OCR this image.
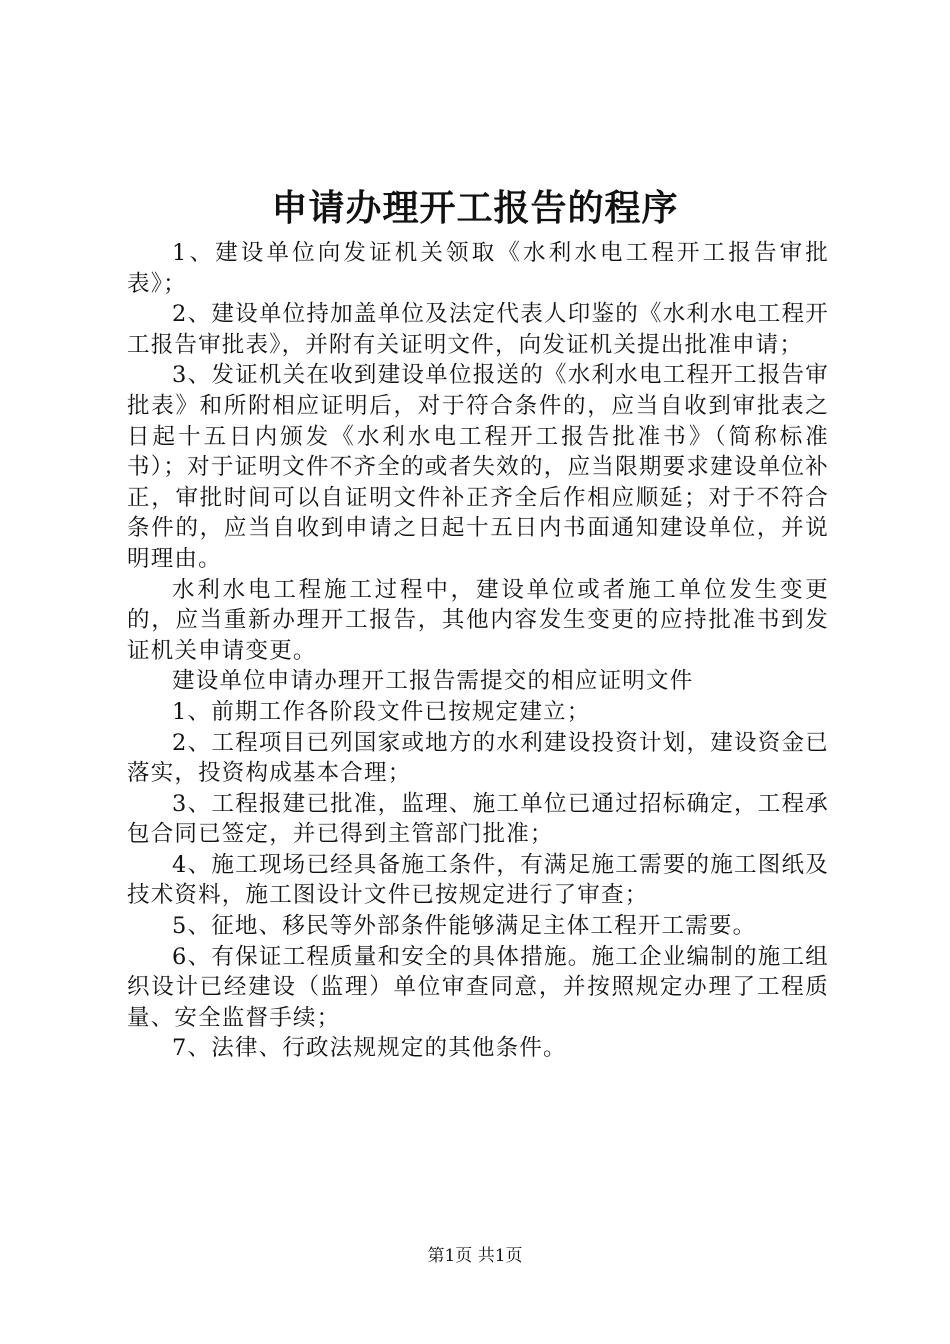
申请办理开工报告的程序

1、建设单位向发证机关领取《水利水电工程开工报告审批表》；

2、建设单位持加盖单位及法定代表人印鉴的《水利水电工程开工报告审批表》，并附有关证明文件，向发证机关提出批准申请；

3、发证机关在收到建设单位报送的《水利水电工程开工报告审批表》和所附相应证明后，对于符合条件的，应当自收到审批表之日起十五日内颁发《水利水电工程开工报告批准书》（简称标准书）；对于证明文件不齐全的或者失效的，应当限期要求建设单位补正，审批时间可以自证明文件补正齐全后作相应顺延；对于不符合条件的，应当自收到申请之日起十五日内书面通知建设单位，并说明理由。

水利水电工程施工过程中，建设单位或者施工单位发生变更的，应当重新办理开工报告，其他内容发生变更的应持批准书到发证机关申请变更。

建设单位申请办理开工报告需提交的相应证明文件

1、前期工作各阶段文件已按规定建立；

2、工程项目已列国家或地方的水利建设投资计划，建设资金已落实，投资构成基本合理；

3、工程报建已批准，监理、施工单位已通过招标确定，工程承包合同已签定，并已得到主管部门批准；

4、施工现场已经具备施工条件，有满足施工需要的施工图纸及技术资料，施工图设计文件已按规定进行了审查；

5、征地、移民等外部条件能够满足主体工程开工需要。

6、有保证工程质量和安全的具体措施。施工企业编制的施工组织设计已经建设（监理）单位审查同意，并按照规定办理了工程质量、安全监督手续；

7、法律、行政法规规定的其他条件。

第1页 共1页
